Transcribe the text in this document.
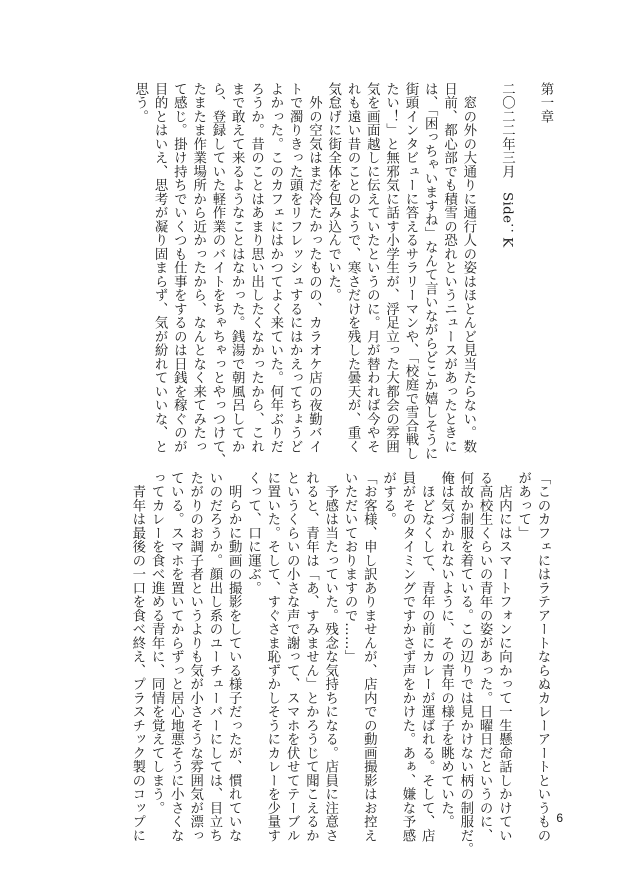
第一章

二〇二二年三月　Side：K

　窓の外の大通りに通行人の姿はほとんど見当たらない。数
日前、都心部でも積雪の恐れというニュースがあったときに
は、「困っちゃいますね」なんて言いながらどこか嬉しそうに
街頭インタビューに答えるサラリーマンや、「校庭で雪合戦し
たい！」と無邪気に話す小学生が、浮足立った大都会の雰囲
気を画面越しに伝えていたというのに。月が替われば今やそ
れも遠い昔のことのようで、寒さだけを残した曇天が、重く
気怠げに街全体を包み込んでいた。
　外の空気はまだ冷たかったものの、カラオケ店の夜勤バイ
トで濁りきった頭をリフレッシュするにはかえってちょうど
よかった。このカフェにはかつてよく来ていた。何年ぶりだ
ろうか。昔のことはあまり思い出したくなかったから、これ
まで敢えて来るようなことはなかった。銭湯で朝風呂してか
ら、登録していた軽作業のバイトをちゃちゃっとやっつけて、
たまたま作業場所から近かったから、なんとなく来てみたっ
て感じ。掛け持ちでいくつも仕事をするのは日銭を稼ぐのが
目的とはいえ、思考が凝り固まらず、気が紛れていいな、と
思う。
「このカフェにはラテアートならぬカレーアートというもの
があって」
　店内にはスマートフォンに向かって一生懸命話しかけてい
る高校生くらいの青年の姿があった。日曜日だというのに、
何故か制服を着ている。この辺りでは見かけない柄の制服だ。
俺は気づかれないように、その青年の様子を眺めていた。
　ほどなくして、青年の前にカレーが運ばれる。そして、店
員がそのタイミングですかさず声をかけた。あぁ、嫌な予感
がする。
「お客様、申し訳ありませんが、店内での動画撮影はお控え
いただいておりますので……」
　予感は当たっていた。残念な気持ちになる。店員に注意さ
れると、青年は「あ、すみません」とかろうじて聞こえるか
というくらいの小さな声で謝って、スマホを伏せてテーブル
に置いた。そして、すぐさま恥ずかしそうにカレーを少量す
くって、口に運ぶ。
　明らかに動画の撮影をしている様子だったが、慣れていな
いのだろうか。顔出し系のユーチューバーにしては、目立ち
たがりのお調子者というよりも気が小さそうな雰囲気が漂っ
ている。スマホを置いてからずっと居心地悪そうに小さくな
ってカレーを食べ進める青年に、同情を覚えてしまう。
　青年は最後の一口を食べ終え、プラスチック製のコップに	6
